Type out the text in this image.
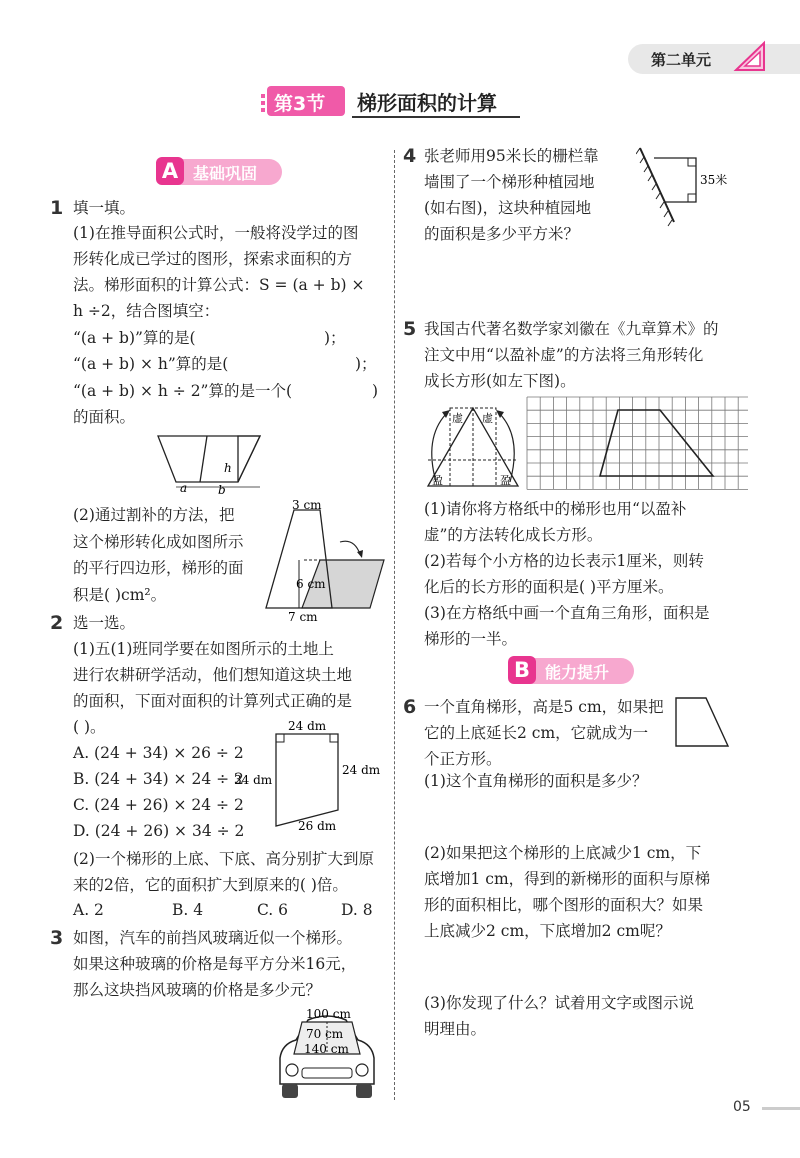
第二单元
第3节 梯形面积的计算
A 基础巩固
1 填一填。
(1)在推导面积公式时，一般将没学过的图
形转化成已学过的图形，探索求面积的方
法。梯形面积的计算公式：S = (a + b) ×
h ÷2，结合图填空：
“(a + b)”算的是(	)；
“(a + b) × h”算的是(	)；
“(a + b) × h ÷ 2”算的是一个(	)
的面积。
h
a	b
(2)通过割补的方法，把
这个梯形转化成如图所示
的平行四边形，梯形的面
积是( )cm²。
3 cm
6 cm
7 cm
2 选一选。
(1)五(1)班同学要在如图所示的土地上
进行农耕研学活动，他们想知道这块土地
的面积，下面对面积的计算列式正确的是
( )。
A. (24 + 34) × 26 ÷ 2
B. (24 + 34) × 24 ÷ 2
C. (24 + 26) × 24 ÷ 2
D. (24 + 26) × 34 ÷ 2
24 dm
34 dm
24 dm
26 dm
(2)一个梯形的上底、下底、高分别扩大到原
来的2倍，它的面积扩大到原来的( )倍。
A. 2	B. 4	C. 6	D. 8
3 如图，汽车的前挡风玻璃近似一个梯形。
如果这种玻璃的价格是每平方分米16元，
那么这块挡风玻璃的价格是多少元？
100 cm
70 cm
140 cm
4 张老师用95米长的栅栏靠
墙围了一个梯形种植园地
(如右图)，这块种植园地
的面积是多少平方米？
35米
5 我国古代著名数学家刘徽在《九章算术》的
注文中用“以盈补虚”的方法将三角形转化
成长方形(如左下图)。
虚 虚
盈	盈
(1)请你将方格纸中的梯形也用“以盈补
虚”的方法转化成长方形。
(2)若每个小方格的边长表示1厘米，则转
化后的长方形的面积是( )平方厘米。
(3)在方格纸中画一个直角三角形，面积是
梯形的一半。
B 能力提升
6 一个直角梯形，高是5 cm，如果把
它的上底延长2 cm，它就成为一
个正方形。
(1)这个直角梯形的面积是多少？
(2)如果把这个梯形的上底减少1 cm，下
底增加1 cm，得到的新梯形的面积与原梯
形的面积相比，哪个图形的面积大？如果
上底减少2 cm，下底增加2 cm呢？
(3)你发现了什么？试着用文字或图示说
明理由。
05
